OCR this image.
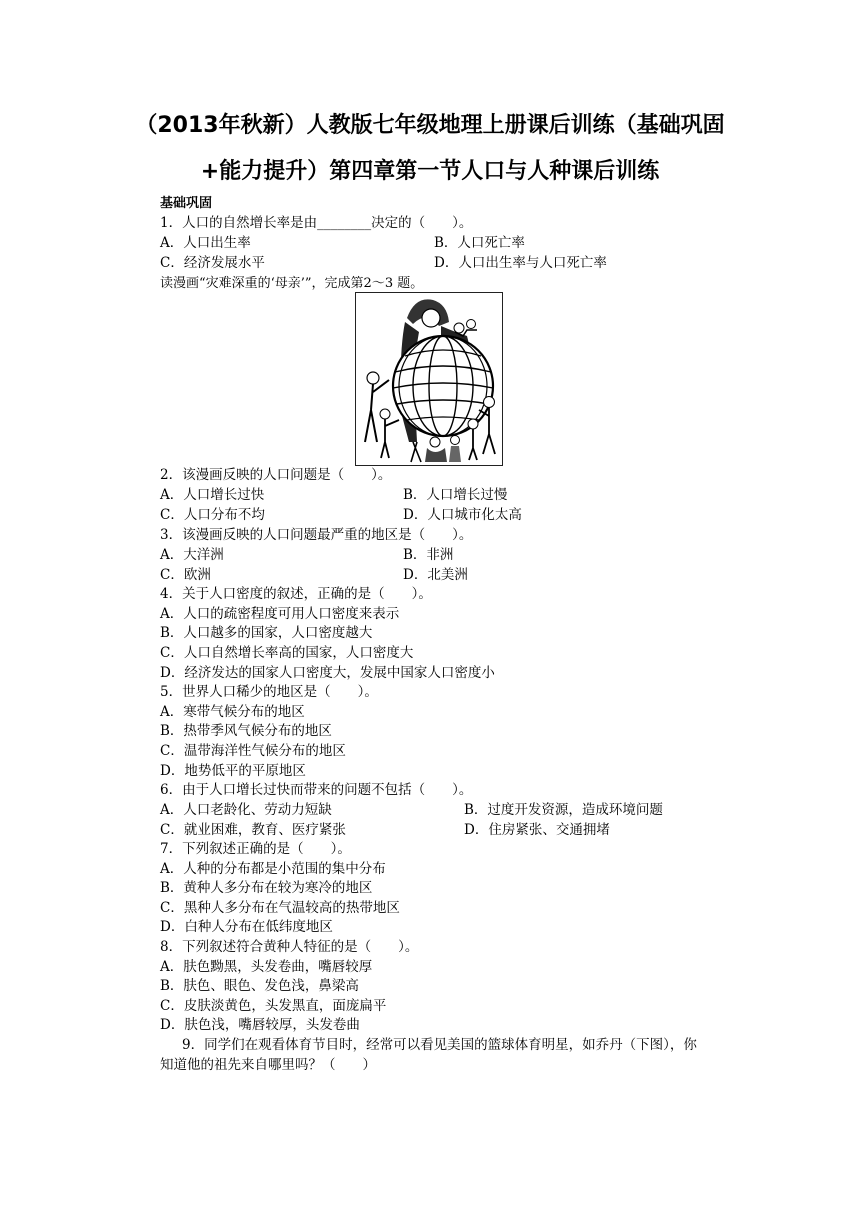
（2013年秋新）人教版七年级地理上册课后训练（基础巩固
+能力提升）第四章第一节人口与人种课后训练
基础巩固
1．人口的自然增长率是由________决定的（　　）。
A．人口出生率	B．人口死亡率
C．经济发展水平	D．人口出生率与人口死亡率
读漫画“灾难深重的‘母亲’”，完成第2～3 题。
2．该漫画反映的人口问题是（　　）。
A．人口增长过快	B．人口增长过慢
C．人口分布不均	D．人口城市化太高
3．该漫画反映的人口问题最严重的地区是（　　）。
A．大洋洲	B．非洲
C．欧洲	D．北美洲
4．关于人口密度的叙述，正确的是（　　）。
A．人口的疏密程度可用人口密度来表示
B．人口越多的国家，人口密度越大
C．人口自然增长率高的国家，人口密度大
D．经济发达的国家人口密度大，发展中国家人口密度小
5．世界人口稀少的地区是（　　）。
A．寒带气候分布的地区
B．热带季风气候分布的地区
C．温带海洋性气候分布的地区
D．地势低平的平原地区
6．由于人口增长过快而带来的问题不包括（　　）。
A．人口老龄化、劳动力短缺	B．过度开发资源，造成环境问题
C．就业困难，教育、医疗紧张	D．住房紧张、交通拥堵
7．下列叙述正确的是（　　）。
A．人种的分布都是小范围的集中分布
B．黄种人多分布在较为寒冷的地区
C．黑种人多分布在气温较高的热带地区
D．白种人分布在低纬度地区
8．下列叙述符合黄种人特征的是（　　）。
A．肤色黝黑，头发卷曲，嘴唇较厚
B．肤色、眼色、发色浅，鼻梁高
C．皮肤淡黄色，头发黑直，面庞扁平
D．肤色浅，嘴唇较厚，头发卷曲
9．同学们在观看体育节目时，经常可以看见美国的篮球体育明星，如乔丹（下图），你
知道他的祖先来自哪里吗？（　　）
